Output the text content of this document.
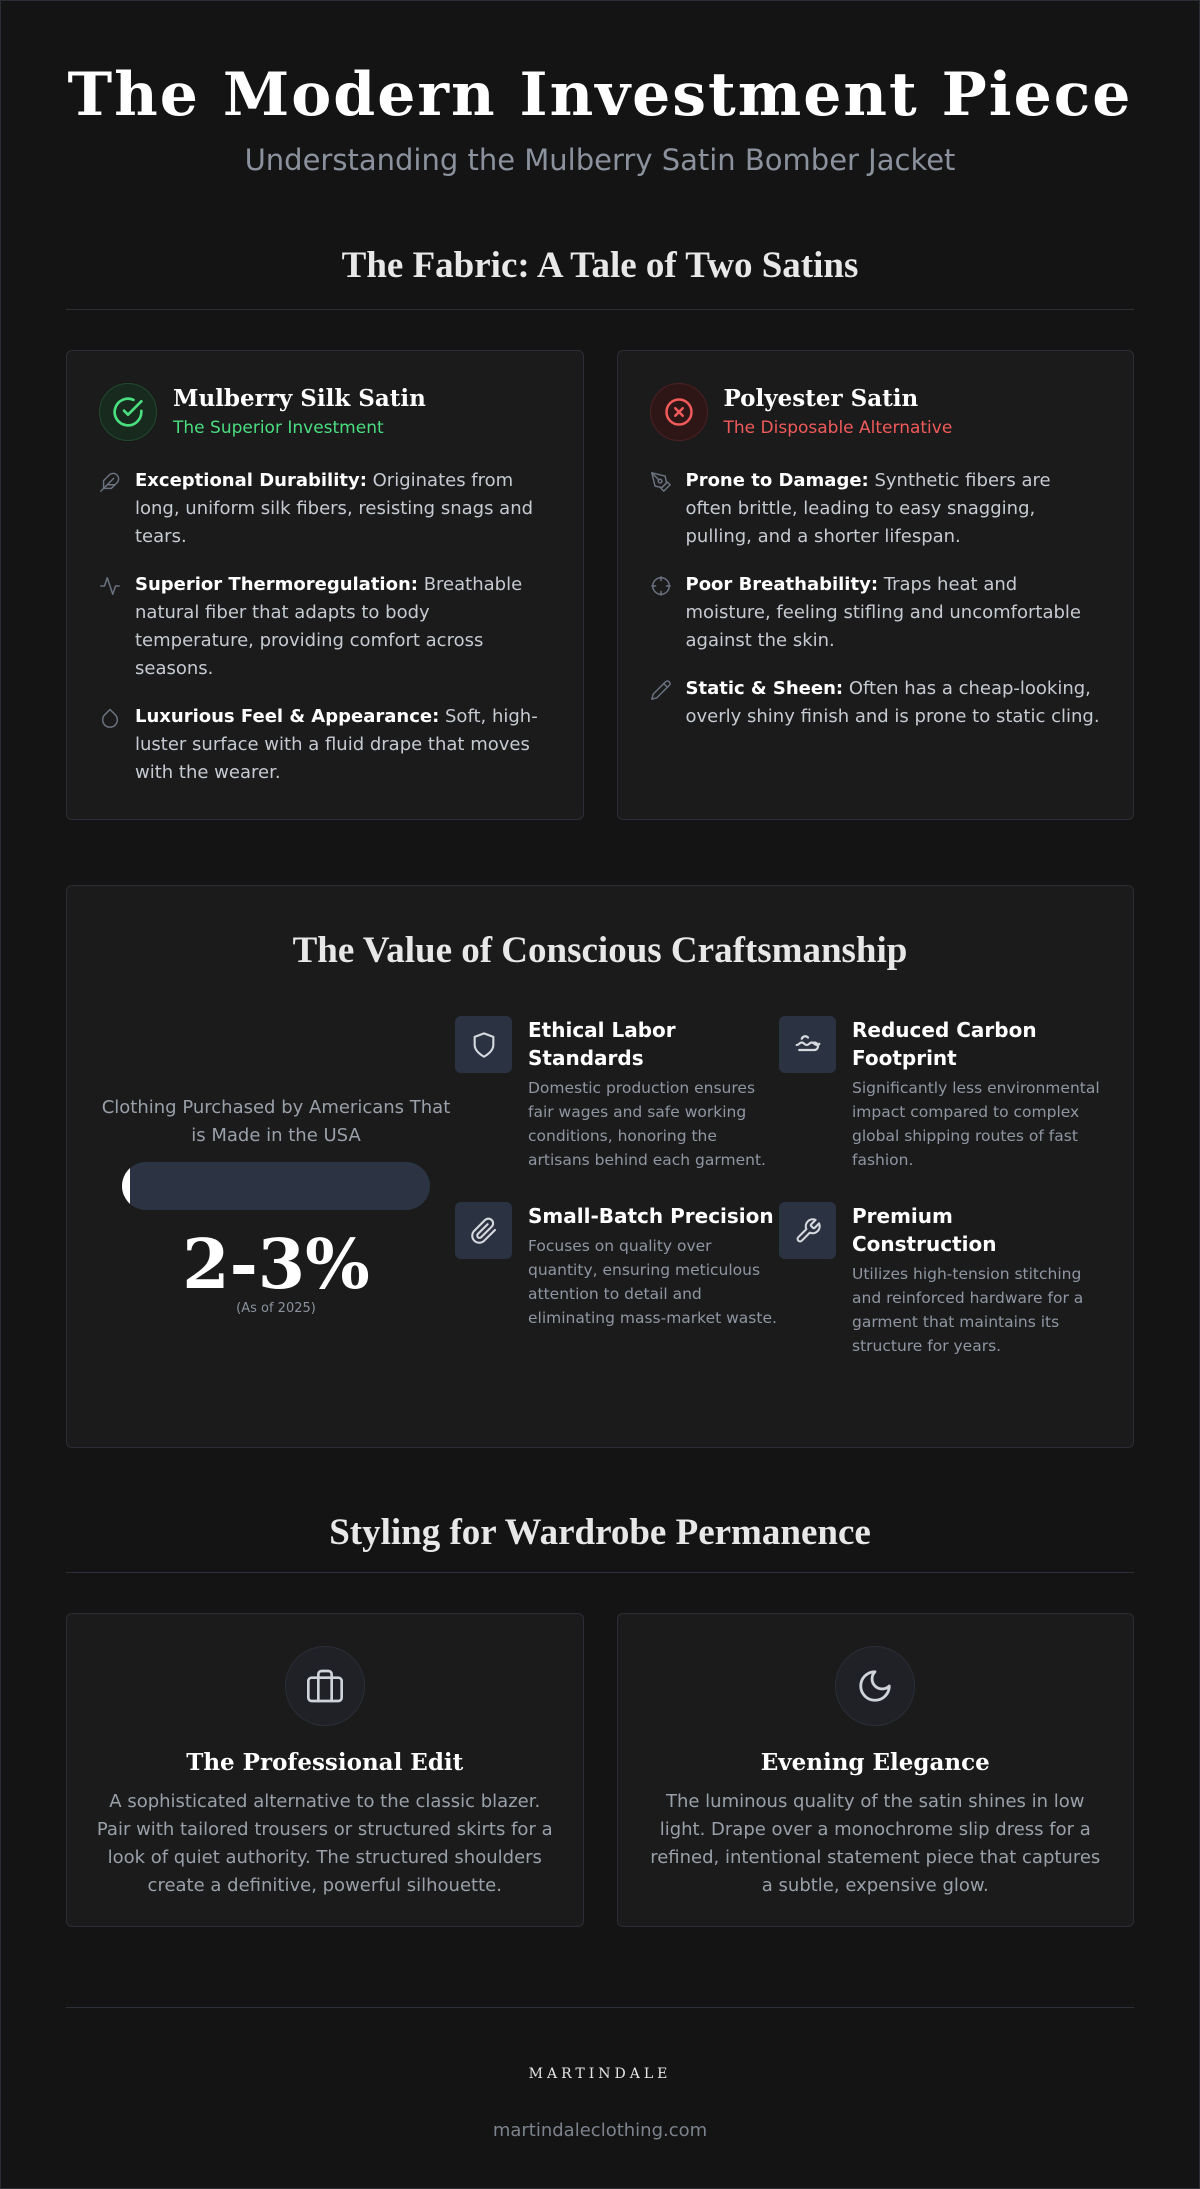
The Modern Investment Piece
Understanding the Mulberry Satin Bomber Jacket
The Fabric: A Tale of Two Satins
Mulberry Silk Satin
The Superior Investment
Exceptional Durability: Originates from long, uniform silk fibers, resisting snags and tears.
Superior Thermoregulation: Breathable natural fiber that adapts to body temperature, providing comfort across seasons.
Luxurious Feel & Appearance: Soft, high-luster surface with a fluid drape that moves with the wearer.
Polyester Satin
The Disposable Alternative
Prone to Damage: Synthetic fibers are often brittle, leading to easy snagging, pulling, and a shorter lifespan.
Poor Breathability: Traps heat and moisture, feeling stifling and uncomfortable against the skin.
Static & Sheen: Often has a cheap-looking, overly shiny finish and is prone to static cling.
The Value of Conscious Craftsmanship
Clothing Purchased by Americans That is Made in the USA
2-3%
(As of 2025)
Ethical Labor Standards
Domestic production ensures fair wages and safe working conditions, honoring the artisans behind each garment.
Reduced Carbon Footprint
Significantly less environmental impact compared to complex global shipping routes of fast fashion.
Small-Batch Precision
Focuses on quality over quantity, ensuring meticulous attention to detail and eliminating mass-market waste.
Premium Construction
Utilizes high-tension stitching and reinforced hardware for a garment that maintains its structure for years.
Styling for Wardrobe Permanence
The Professional Edit
A sophisticated alternative to the classic blazer. Pair with tailored trousers or structured skirts for a look of quiet authority. The structured shoulders create a definitive, powerful silhouette.
Evening Elegance
The luminous quality of the satin shines in low light. Drape over a monochrome slip dress for a refined, intentional statement piece that captures a subtle, expensive glow.
MARTINDALE
martindaleclothing.com
